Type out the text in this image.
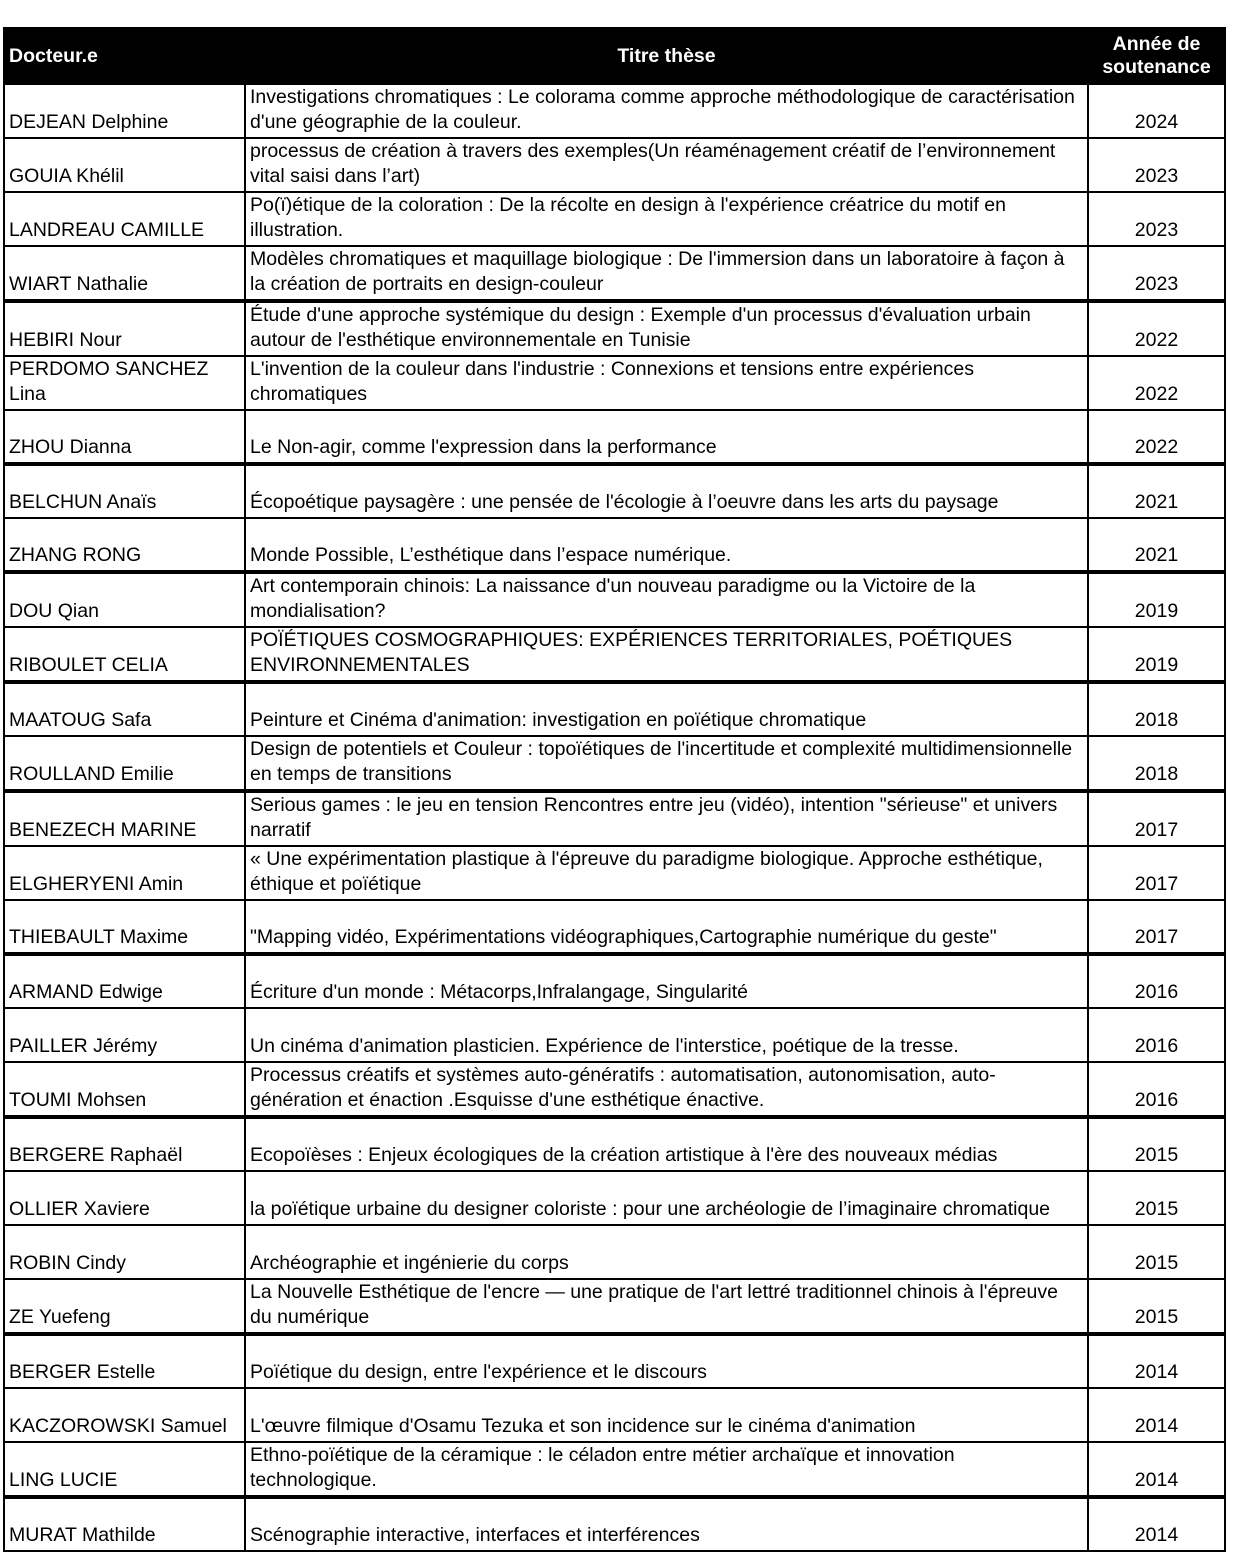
Docteur.e	Titre thèse	Année de soutenance
DEJEAN Delphine	Investigations chromatiques : Le colorama comme approche méthodologique de caractérisation d'une géographie de la couleur.	2024
GOUIA Khélil	processus de création à travers des exemples(Un réaménagement créatif de l’environnement vital saisi dans l’art)	2023
LANDREAU CAMILLE	Po(ï)étique de la coloration : De la récolte en design à l'expérience créatrice du motif en illustration.	2023
WIART Nathalie	Modèles chromatiques et maquillage biologique : De l'immersion dans un laboratoire à façon à la création de portraits en design-couleur	2023
HEBIRI Nour	Étude d'une approche systémique du design : Exemple d'un processus d'évaluation urbain autour de l'esthétique environnementale en Tunisie	2022
PERDOMO SANCHEZ Lina	L'invention de la couleur dans l'industrie : Connexions et tensions entre expériences chromatiques	2022
ZHOU Dianna	Le Non-agir, comme l'expression dans la performance	2022
BELCHUN Anaïs	Écopoétique paysagère : une pensée de l'écologie à l’oeuvre dans les arts du paysage	2021
ZHANG RONG	Monde Possible, L’esthétique dans l’espace numérique.	2021
DOU Qian	Art contemporain chinois: La naissance d'un nouveau paradigme ou la Victoire de la mondialisation?	2019
RIBOULET CELIA	POÏÉTIQUES COSMOGRAPHIQUES: EXPÉRIENCES TERRITORIALES, POÉTIQUES ENVIRONNEMENTALES	2019
MAATOUG Safa	Peinture et Cinéma d'animation: investigation en poïétique chromatique	2018
ROULLAND Emilie	Design de potentiels et Couleur : topoïétiques de l'incertitude et complexité multidimensionnelle en temps de transitions	2018
BENEZECH MARINE	Serious games : le jeu en tension Rencontres entre jeu (vidéo), intention "sérieuse" et univers narratif	2017
ELGHERYENI Amin	« Une expérimentation plastique à l'épreuve du paradigme biologique. Approche esthétique, éthique et poïétique	2017
THIEBAULT Maxime	"Mapping vidéo, Expérimentations vidéographiques,Cartographie numérique du geste"	2017
ARMAND Edwige	Écriture d'un monde : Métacorps,Infralangage, Singularité	2016
PAILLER Jérémy	Un cinéma d'animation plasticien. Expérience de l'interstice, poétique de la tresse.	2016
TOUMI Mohsen	Processus créatifs et systèmes auto-génératifs : automatisation, autonomisation, auto-génération et énaction .Esquisse d'une esthétique énactive.	2016
BERGERE Raphaël	Ecopoïèses : Enjeux écologiques de la création artistique à l'ère des nouveaux médias	2015
OLLIER Xaviere	la poïétique urbaine du designer coloriste : pour une archéologie de l’imaginaire chromatique	2015
ROBIN Cindy	Archéographie et ingénierie du corps	2015
ZE Yuefeng	La Nouvelle Esthétique de l'encre — une pratique de l'art lettré traditionnel chinois à l'épreuve du numérique	2015
BERGER Estelle	Poïétique du design, entre l'expérience et le discours	2014
KACZOROWSKI Samuel	L'œuvre filmique d'Osamu Tezuka et son incidence sur le cinéma d'animation	2014
LING LUCIE	Ethno-poïétique de la céramique : le céladon entre métier archaïque et innovation technologique.	2014
MURAT Mathilde	Scénographie interactive, interfaces et interférences	2014
